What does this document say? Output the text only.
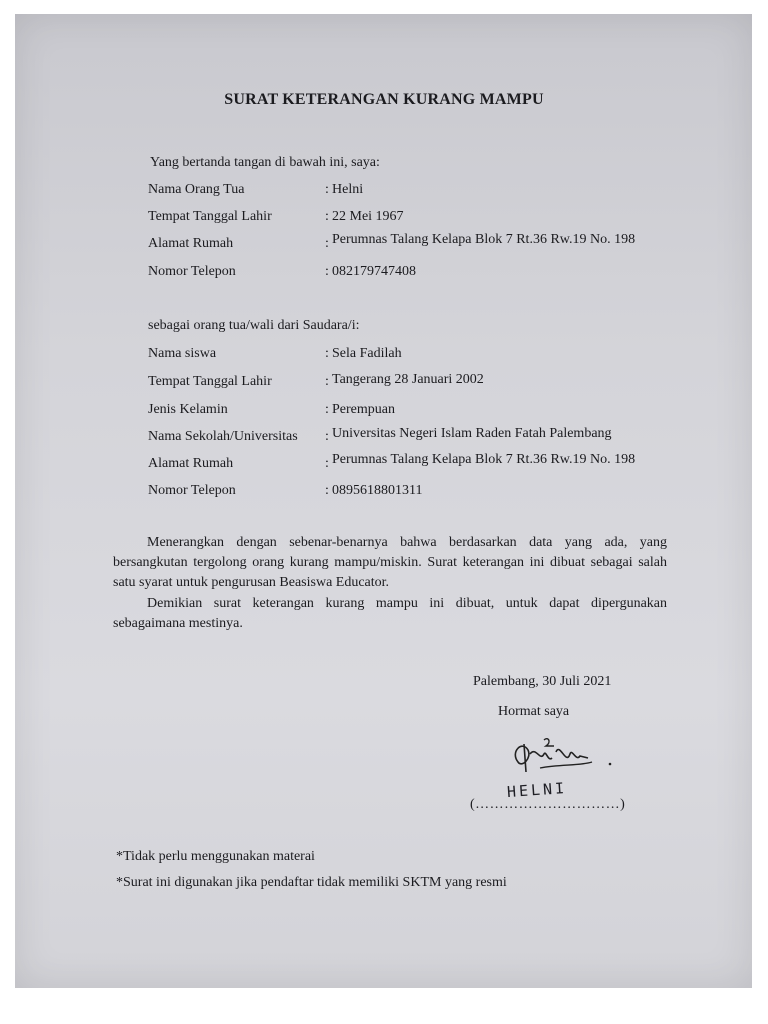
SURAT KETERANGAN KURANG MAMPU
Yang bertanda tangan di bawah ini, saya:
Nama Orang Tua	: Helni
Tempat Tanggal Lahir	: 22 Mei 1967
Alamat Rumah	: Perumnas Talang Kelapa Blok 7 Rt.36 Rw.19 No. 198
Nomor Telepon	: 082179747408
sebagai orang tua/wali dari Saudara/i:
Nama siswa	: Sela Fadilah
Tempat Tanggal Lahir	: Tangerang 28 Januari 2002
Jenis Kelamin	: Perempuan
Nama Sekolah/Universitas : Universitas Negeri Islam Raden Fatah Palembang
Alamat Rumah	: Perumnas Talang Kelapa Blok 7 Rt.36 Rw.19 No. 198
Nomor Telepon	: 0895618801311
Menerangkan dengan sebenar-benarnya bahwa berdasarkan data yang ada, yang bersangkutan tergolong orang kurang mampu/miskin. Surat keterangan ini dibuat sebagai salah satu syarat untuk pengurusan Beasiswa Educator.
Demikian surat keterangan kurang mampu ini dibuat, untuk dapat dipergunakan sebagaimana mestinya.
Palembang, 30 Juli 2021
Hormat saya
(…………………………)
HELNI
*Tidak perlu menggunakan materai
*Surat ini digunakan jika pendaftar tidak memiliki SKTM yang resmi
